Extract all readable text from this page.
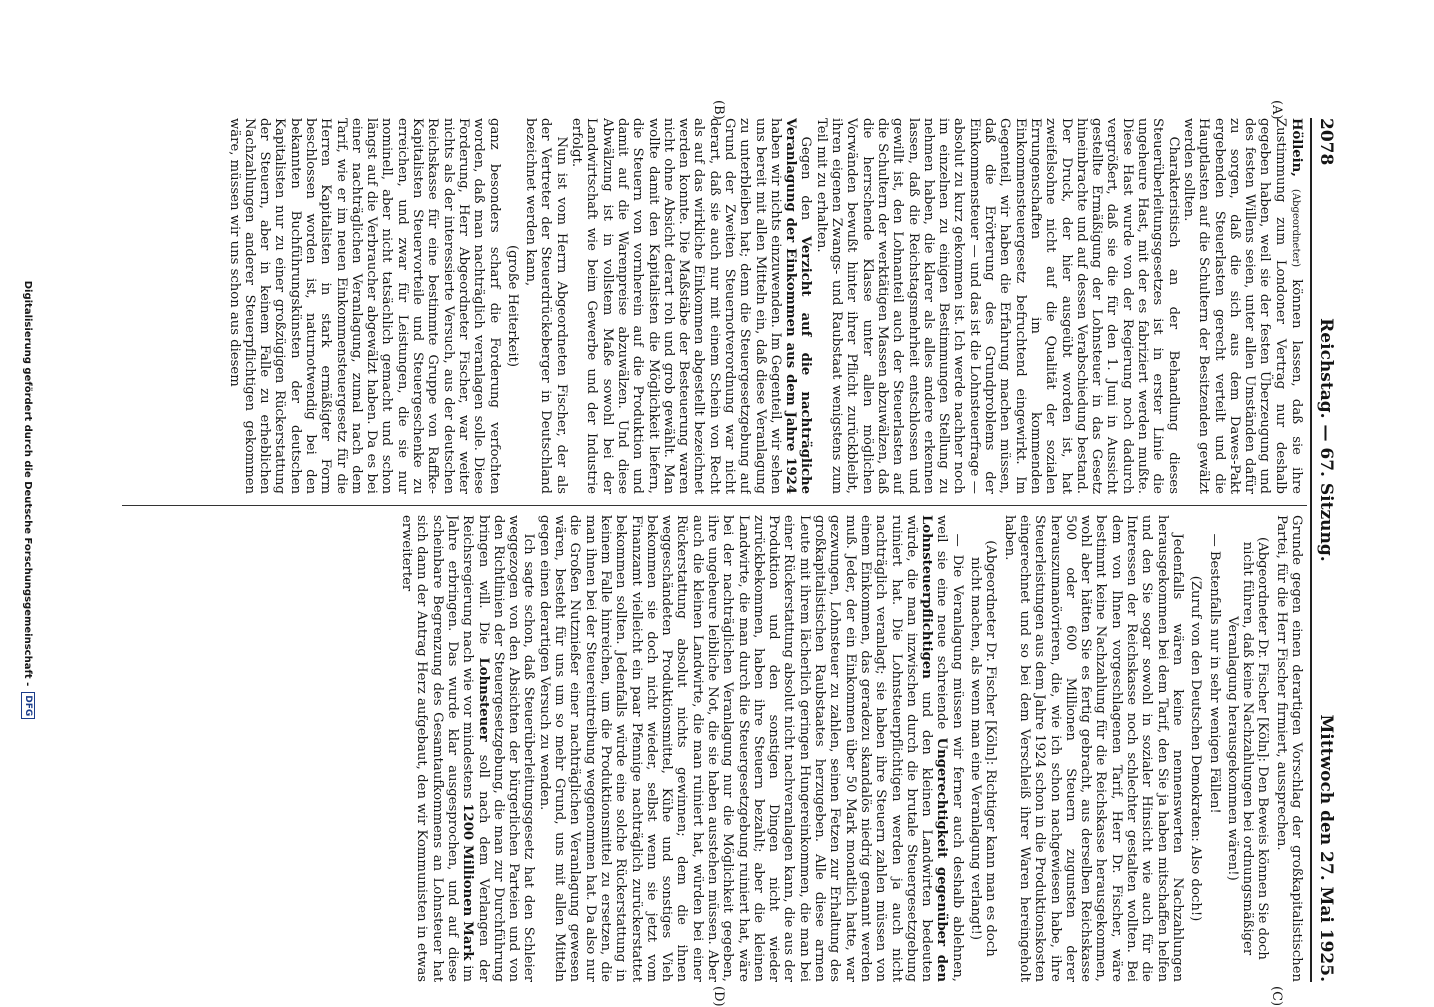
2078
Reichstag. — 67. Sitzung.
Mittwoch den 27. Mai 1925.
(A)
(B)
(C)
(D)

Höllein, (Abgeordneter) können lassen, daß sie ihre Zustimmung zum Londoner Vertrag nur deshalb gegeben haben, weil sie der festen Überzeugung und des festen Willens seien, unter allen Umständen dafür zu sorgen, daß die sich aus dem Dawes-Pakt ergebenden Steuerlasten gerecht verteilt und die Hauptlasten auf die Schultern der Besitzenden gewälzt werden sollten.

Charakteristisch an der Behandlung dieses Steuerüberleitungsgesetzes ist in erster Linie die ungeheure Hast, mit der es fabriziert werden mußte. Diese Hast wurde von der Regierung noch dadurch vergrößert, daß sie die für den 1. Juni in Aussicht gestellte Ermäßigung der Lohnsteuer in das Gesetz hineinbrachte und auf dessen Verabschiedung bestand. Der Druck, der hier ausgeübt worden ist, hat zweifelsohne nicht auf die Qualität der sozialen Errungenschaften im kommenden Einkommensteuergesetz befruchtend eingewirkt. Im Gegenteil, wir haben die Erfahrung machen müssen, daß die Erörterung des Grundproblems der Einkommensteuer — und das ist die Lohnsteuerfrage — absolut zu kurz gekommen ist. Ich werde nachher noch im einzelnen zu einigen Bestimmungen Stellung zu nehmen haben, die klarer als alles andere erkennen lassen, daß die Reichstagsmehrheit entschlossen und gewillt ist, den Lohnanteil auch der Steuerlasten auf die Schultern der werktätigen Massen abzuwälzen, daß die herrschende Klasse unter allen möglichen Vorwänden bewußt hinter ihrer Pflicht zurückbleibt, ihren eigenen Zwangs- und Raubstaat wenigstens zum Teil mit zu erhalten.

Gegen den Verzicht auf die nachträgliche Veranlagung der Einkommen aus dem Jahre 1924 haben wir nichts einzuwenden. Im Gegenteil, wir sehen uns bereit mit allen Mitteln ein, daß diese Veranlagung zu unterbleiben hat; denn die Steuergesetzgebung auf Grund der Zweiten Steuernotverordnung war nicht derart, daß sie auch nur mit einem Schein von Recht als auf das wirkliche Einkommen abgestellt bezeichnet werden konnte. Die Maßstäbe der Besteuerung waren nicht ohne Absicht derart roh und grob gewählt. Man wollte damit den Kapitalisten die Möglichkeit liefern, die Steuern von vornherein auf die Produktion und damit auf die Warenpreise abzuwälzen. Und diese Abwälzung ist in vollstem Maße sowohl bei der Landwirtschaft wie beim Gewerbe und der Industrie erfolgt.

Nun ist vom Herrn Abgeordneten Fischer, der als der Vertreter der Steuerdrückeberger in Deutschland bezeichnet werden kann,

(große Heiterkeit)

ganz besonders scharf die Forderung verfochten worden, daß man nachträglich veranlagen solle. Diese Forderung, Herr Abgeordneter Fischer, war weiter nichts als der interessierte Versuch, aus der deutschen Reichskasse für eine bestimmte Gruppe von Raffke-Kapitalisten Steuervorteile und Steuergeschenke zu erreichen, und zwar für Leistungen, die sie nur nominell, aber nicht tatsächlich gemacht und schon längst auf die Verbraucher abgewälzt haben. Da es bei einer nachträglichen Veranlagung, zumal nach dem Tarif, wie er im neuen Einkommensteuergesetz für die Herren Kapitalisten in stark ermäßigter Form beschlossen worden ist, naturnotwendig bei den bekannten Buchführungskünsten der deutschen Kapitalisten nur zu einer großzügigen Rückerstattung der Steuern, aber in keinem Falle zu erheblichen Nachzahlungen anderer Steuerpflichtigen gekommen wäre, müssen wir uns schon aus diesem

Grunde gegen einen derartigen Vorschlag der großkapitalistischen Partei, für die Herr Fischer firmiert, aussprechen.

(Abgeordneter Dr. Fischer [Köln]: Den Beweis können Sie doch nicht führen, daß keine Nachzahlungen bei ordnungsmäßiger Veranlagung herausgekommen wären!)

— Bestenfalls nur in sehr wenigen Fällen!

(Zuruf von den Deutschen Demokraten: Also doch!)

Jedenfalls wären keine nennenswerten Nachzahlungen herausgekommen bei dem Tarif, den Sie ja haben mitschaffen helfen und den Sie sogar sowohl in sozialer Hinsicht wie auch für die Interessen der Reichskasse noch schlechter gestalten wollten. Bei dem von Ihnen vorgeschlagenen Tarif, Herr Dr. Fischer, wäre bestimmt keine Nachzahlung für die Reichskasse herausgekommen, wohl aber hätten Sie es fertig gebracht, aus derselben Reichskasse 500 oder 600 Millionen Steuern zugunsten derer herauszumanövrieren, die, wie ich schon nachgewiesen habe, ihre Steuerleistungen aus dem Jahre 1924 schon in die Produktionskosten eingerechnet und so bei dem Verschleiß ihrer Waren hereingeholt haben.

(Abgeordneter Dr. Fischer [Köln]: Richtiger kann man es doch nicht machen, als wenn man eine Veranlagung verlangt!)

— Die Veranlagung müssen wir ferner auch deshalb ablehnen, weil sie eine neue schreiende Ungerechtigkeit gegenüber den Lohnsteuerpflichtigen und den kleinen Landwirten bedeuten würde, die man inzwischen durch die brutale Steuergesetzgebung ruiniert hat. Die Lohnsteuerpflichtigen werden ja auch nicht nachträglich veranlagt; sie haben ihre Steuern zahlen müssen von einem Einkommen, das geradezu skandalös niedrig genannt werden muß. Jeder, der ein Einkommen über 50 Mark monatlich hatte, war gezwungen, Lohnsteuer zu zahlen, seinen Fetzen zur Erhaltung des großkapitalistischen Raubstaates herzugeben. Alle diese armen Leute mit ihrem lächerlich geringen Hungereinkommen, die man bei einer Rückerstattung absolut nicht nachveranlagen kann, die aus der Produktion und den sonstigen Dingen nicht wieder zurückbekommen, haben ihre Steuern bezahlt; aber die kleinen Landwirte, die man durch die Steuergesetzgebung ruiniert hat, wäre bei der nachträglichen Veranlagung nur die Möglichkeit gegeben, ihre ungeheure leibliche Not, die sie haben ausstehen müssen. Aber auch die kleinen Landwirte, die man ruiniert hat, würden bei einer Rückerstattung absolut nichts gewinnen; dem die ihnen weggeschändeten Produktionsmittel, Kühe und sonstiges Vieh bekommen sie doch nicht wieder, selbst wenn sie jetzt vom Finanzamt vielleicht ein paar Pfennige nachträglich zurückerstattet bekommen sollten. Jedenfalls würde eine solche Rückerstattung in keinem Falle hinreichen, um die Produktionsmittel zu ersetzen, die man ihnen bei der Steuereintreibung weggenommen hat. Da also nur die Großen Nutznießer einer nachträglichen Veranlagung gewesen wären, besteht für uns um so mehr Grund, uns mit allen Mitteln gegen einen derartigen Versuch zu wenden.

Ich sagte schon, daß Steuerüberleitungsgesetz hat den Schleier weggezogen von den Absichten der bürgerlichen Parteien und von den Richtlinien der Steuergesetzgebung, die man zur Durchführung bringen will. Die Lohnsteuer soll nach dem Verlangen der Reichsregierung nach wie vor mindestens 1200 Millionen Mark im Jahre erbringen. Das wurde klar ausgesprochen, und auf diese scheinbare Begrenzung des Gesamtaufkommens an Lohnsteuer hat sich dann der Antrag Herz aufgebaut, den wir Kommunisten in etwas erweiterter

Digitalisierung gefördert durch die Deutsche Forschungsgemeinschaft -
DFG
